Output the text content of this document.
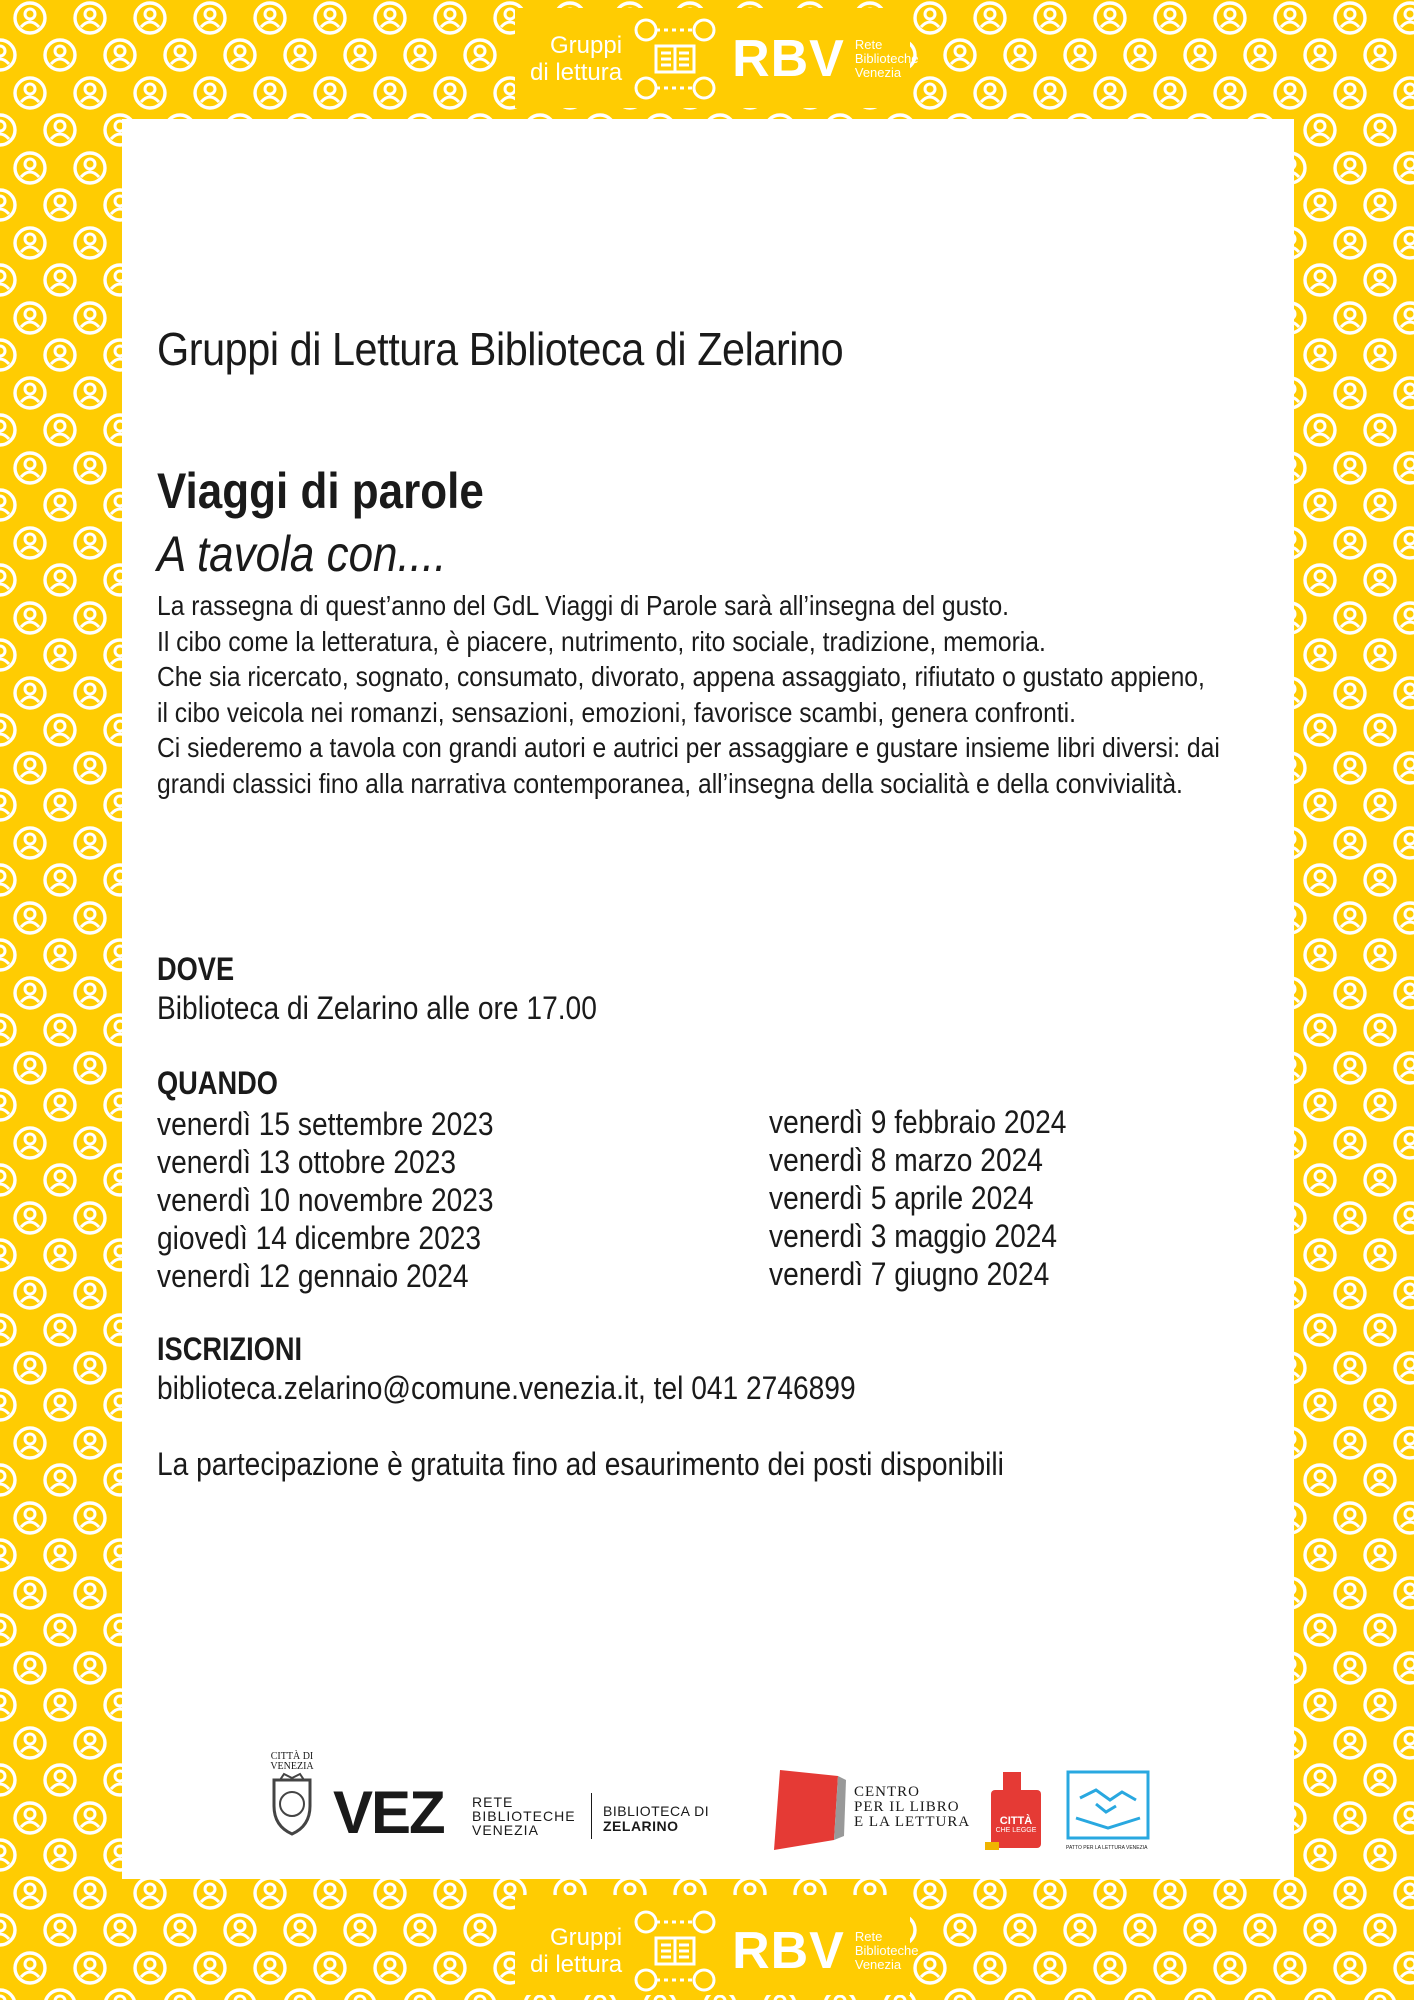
Gruppi
di lettura RBV Rete
Biblioteche
Venezia
Gruppi
di lettura RBV Rete
Biblioteche
Venezia
Gruppi di Lettura Biblioteca di Zelarino
Viaggi di parole
A tavola con....

La rassegna di quest’anno del GdL Viaggi di Parole sarà all’insegna del gusto.

Il cibo come la letteratura, è piacere, nutrimento, rito sociale, tradizione, memoria.

Che sia ricercato, sognato, consumato, divorato, appena assaggiato, rifiutato o gustato appieno, il cibo veicola nei romanzi, sensazioni, emozioni, favorisce scambi, genera confronti.

Ci siederemo a tavola con grandi autori e autrici per assaggiare e gustare insieme libri diversi: dai grandi classici fino alla narrativa contemporanea, all’insegna della socialità e della convivialità.

DOVE
Biblioteca di Zelarino alle ore 17.00
QUANDO
venerdì 15 settembre 2023
venerdì 13 ottobre 2023
venerdì 10 novembre 2023
giovedì 14 dicembre 2023
venerdì 12 gennaio 2024
venerdì 9 febbraio 2024
venerdì 8 marzo 2024
venerdì 5 aprile 2024
venerdì 3 maggio 2024
venerdì 7 giugno 2024
ISCRIZIONI
biblioteca.zelarino@comune.venezia.it, tel 041 2746899
La partecipazione è gratuita fino ad esaurimento dei posti disponibili
CITTÀ DI
VENEZIA
VEZ RETE
BIBLIOTECHE
VENEZIA
BIBLIOTECA DI
ZELARINO
CENTRO
PER IL LIBRO
E LA LETTURA	CITTÀ
CHE LEGGE
PATTO PER LA LETTURA VENEZIA
